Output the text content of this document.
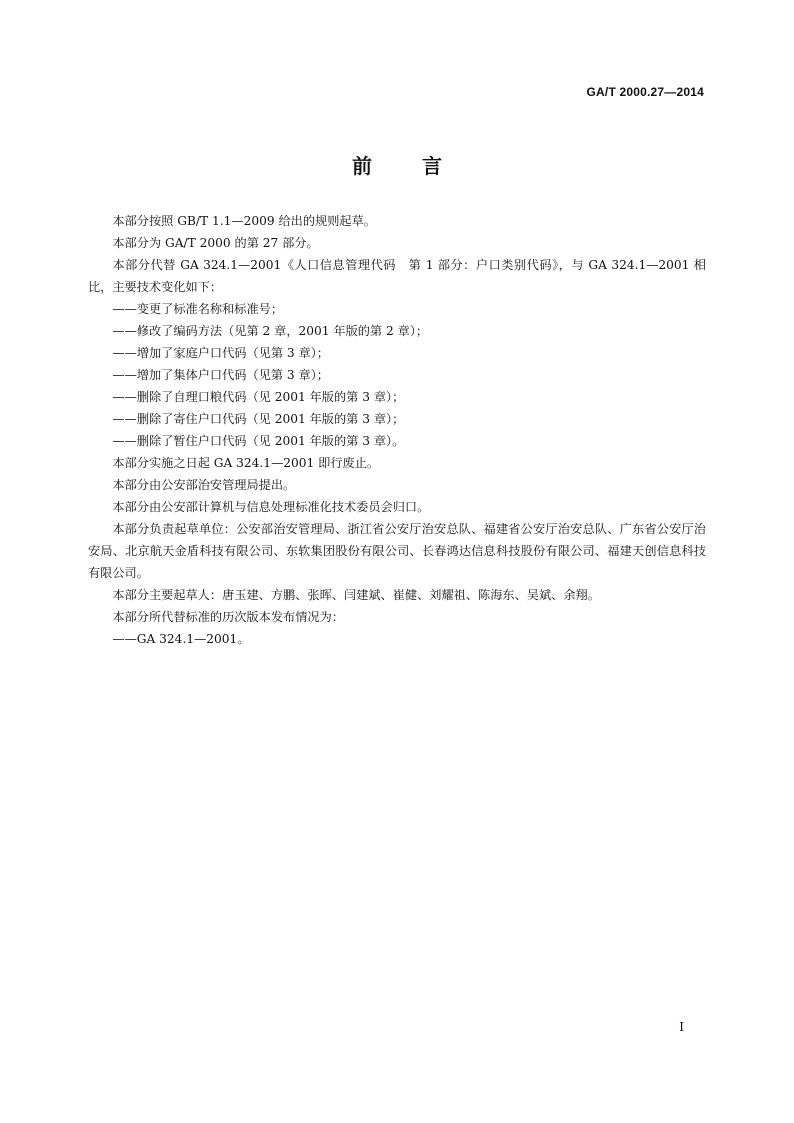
GA/T 2000.27—2014
前	言

本部分按照 GB/T 1.1—2009 给出的规则起草。

本部分为 GA/T 2000 的第 27 部分。

本部分代替 GA 324.1—2001《人口信息管理代码　第 1 部分：户口类别代码》，与 GA 324.1—2001 相比，主要技术变化如下：

——变更了标准名称和标准号；

——修改了编码方法（见第 2 章，2001 年版的第 2 章）；

——增加了家庭户口代码（见第 3 章）；

——增加了集体户口代码（见第 3 章）；

——删除了自理口粮代码（见 2001 年版的第 3 章）；

——删除了寄住户口代码（见 2001 年版的第 3 章）；

——删除了暂住户口代码（见 2001 年版的第 3 章）。

本部分实施之日起 GA 324.1—2001 即行废止。

本部分由公安部治安管理局提出。

本部分由公安部计算机与信息处理标准化技术委员会归口。

本部分负责起草单位：公安部治安管理局、浙江省公安厅治安总队、福建省公安厅治安总队、广东省公安厅治安局、北京航天金盾科技有限公司、东软集团股份有限公司、长春鸿达信息科技股份有限公司、福建天创信息科技有限公司。

本部分主要起草人：唐玉建、方鹏、张晖、闫建斌、崔健、刘耀祖、陈海东、吴斌、余翔。

本部分所代替标准的历次版本发布情况为：

——GA 324.1—2001。

I
